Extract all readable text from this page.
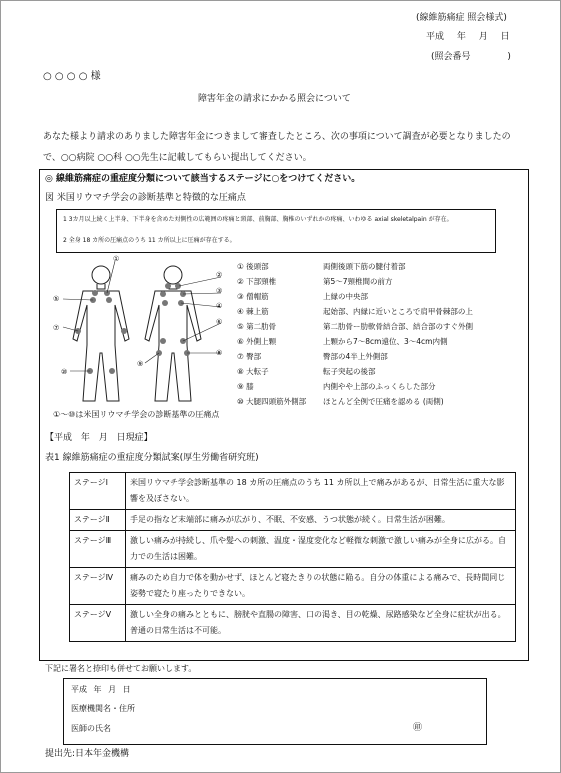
(線維筋痛症 照会様式)
平成 年 月 日
(照会番号 )
○ ○ ○ ○ 様
障害年金の請求にかかる照会について
あなた様より請求のありました障害年金につきまして審査したところ、次の事項について調査が必要となりましたの
で、○○病院 ○○科 ○○先生に記載してもらい提出してください。
◎ 線維筋痛症の重症度分類について該当するステージに○をつけてください。
図 米国リウマチ学会の診断基準と特徴的な圧痛点
1 3カ月以上続く上半身、下半身を含めた対側性の広範囲の疼痛と頸部、前胸部、胸椎のいずれかの疼痛、いわゆる axial skeletalpain が存在。
2 全身 18 カ所の圧痛点のうち 11 カ所以上に圧痛が存在する。
①
⑤
⑦
⑩
②
③
④
⑥
⑧
⑨
① 後頭部	両側後頭下筋の腱付着部
② 下部頸椎	第5〜7頸椎間の前方
③ 僧帽筋	上縁の中央部
④ 棘上筋	起始部、内縁に近いところで肩甲骨棘部の上
⑤ 第二肋骨	第二肋骨ー肋軟骨結合部、結合部のすぐ外側
⑥ 外側上顆	上顆から7〜8cm遠位、3〜4cm内側
⑦ 臀部	臀部の4半上外側部
⑧ 大転子	転子突起の後部
⑨ 膝	内側やや上部のふっくらした部分
⑩ 大腿四頭筋外側部 ほとんど全例で圧痛を認める (両側)
①〜⑩は米国リウマチ学会の診断基準の圧痛点
【平成 年 月 日現症】
表1 線維筋痛症の重症度分類試案(厚生労働省研究班)
ステージⅠ	米国リウマチ学会診断基準の 18 カ所の圧痛点のうち 11 カ所以上で痛みがあるが、日常生活に重大な影響を及ぼさない。
ステージⅡ	手足の指など末端部に痛みが広がり、不眠、不安感、うつ状態が続く。日常生活が困難。
ステージⅢ	激しい痛みが持続し、爪や髪への刺激、温度・湿度変化など軽微な刺激で激しい痛みが全身に広がる。自力での生活は困難。
ステージⅣ	痛みのため自力で体を動かせず、ほとんど寝たきりの状態に陥る。自分の体重による痛みで、長時間同じ姿勢で寝たり座ったりできない。
ステージⅤ	激しい全身の痛みとともに、膀胱や直腸の障害、口の渇き、目の乾燥、尿路感染など全身に症状が出る。普通の日常生活は不可能。
下記に署名と捺印も併せてお願いします。
平成 年 月 日
医療機関名・住所
医師の氏名	㊞
提出先:日本年金機構
